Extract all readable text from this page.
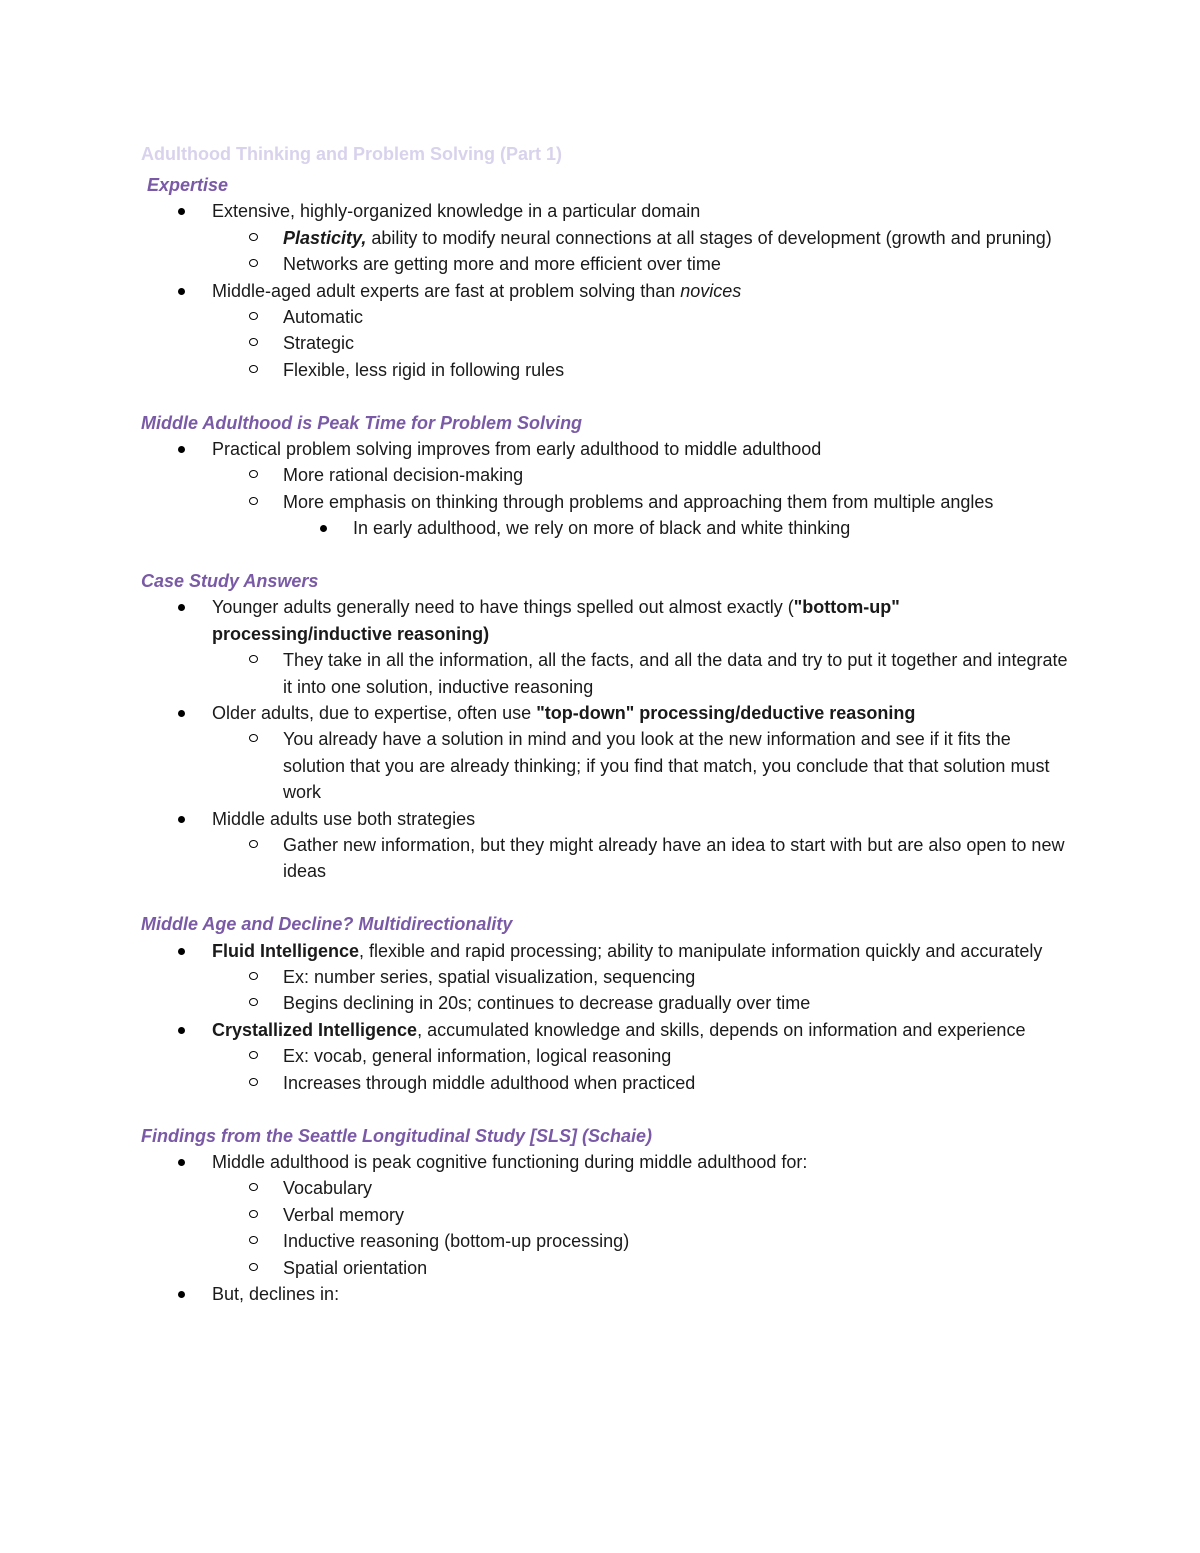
Adulthood Thinking and Problem Solving (Part 1)
Expertise
Extensive, highly-organized knowledge in a particular domain
Plasticity, ability to modify neural connections at all stages of development (growth and pruning)
Networks are getting more and more efficient over time
Middle-aged adult experts are fast at problem solving than novices
Automatic
Strategic
Flexible, less rigid in following rules
Middle Adulthood is Peak Time for Problem Solving
Practical problem solving improves from early adulthood to middle adulthood
More rational decision-making
More emphasis on thinking through problems and approaching them from multiple angles
In early adulthood, we rely on more of black and white thinking
Case Study Answers
Younger adults generally need to have things spelled out almost exactly ("bottom-up" processing/inductive reasoning)
They take in all the information, all the facts, and all the data and try to put it together and integrate it into one solution, inductive reasoning
Older adults, due to expertise, often use "top-down" processing/deductive reasoning
You already have a solution in mind and you look at the new information and see if it fits the solution that you are already thinking; if you find that match, you conclude that that solution must work
Middle adults use both strategies
Gather new information, but they might already have an idea to start with but are also open to new ideas
Middle Age and Decline? Multidirectionality
Fluid Intelligence, flexible and rapid processing; ability to manipulate information quickly and accurately
Ex: number series, spatial visualization, sequencing
Begins declining in 20s; continues to decrease gradually over time
Crystallized Intelligence, accumulated knowledge and skills, depends on information and experience
Ex: vocab, general information, logical reasoning
Increases through middle adulthood when practiced
Findings from the Seattle Longitudinal Study [SLS] (Schaie)
Middle adulthood is peak cognitive functioning during middle adulthood for:
Vocabulary
Verbal memory
Inductive reasoning (bottom-up processing)
Spatial orientation
But, declines in:
